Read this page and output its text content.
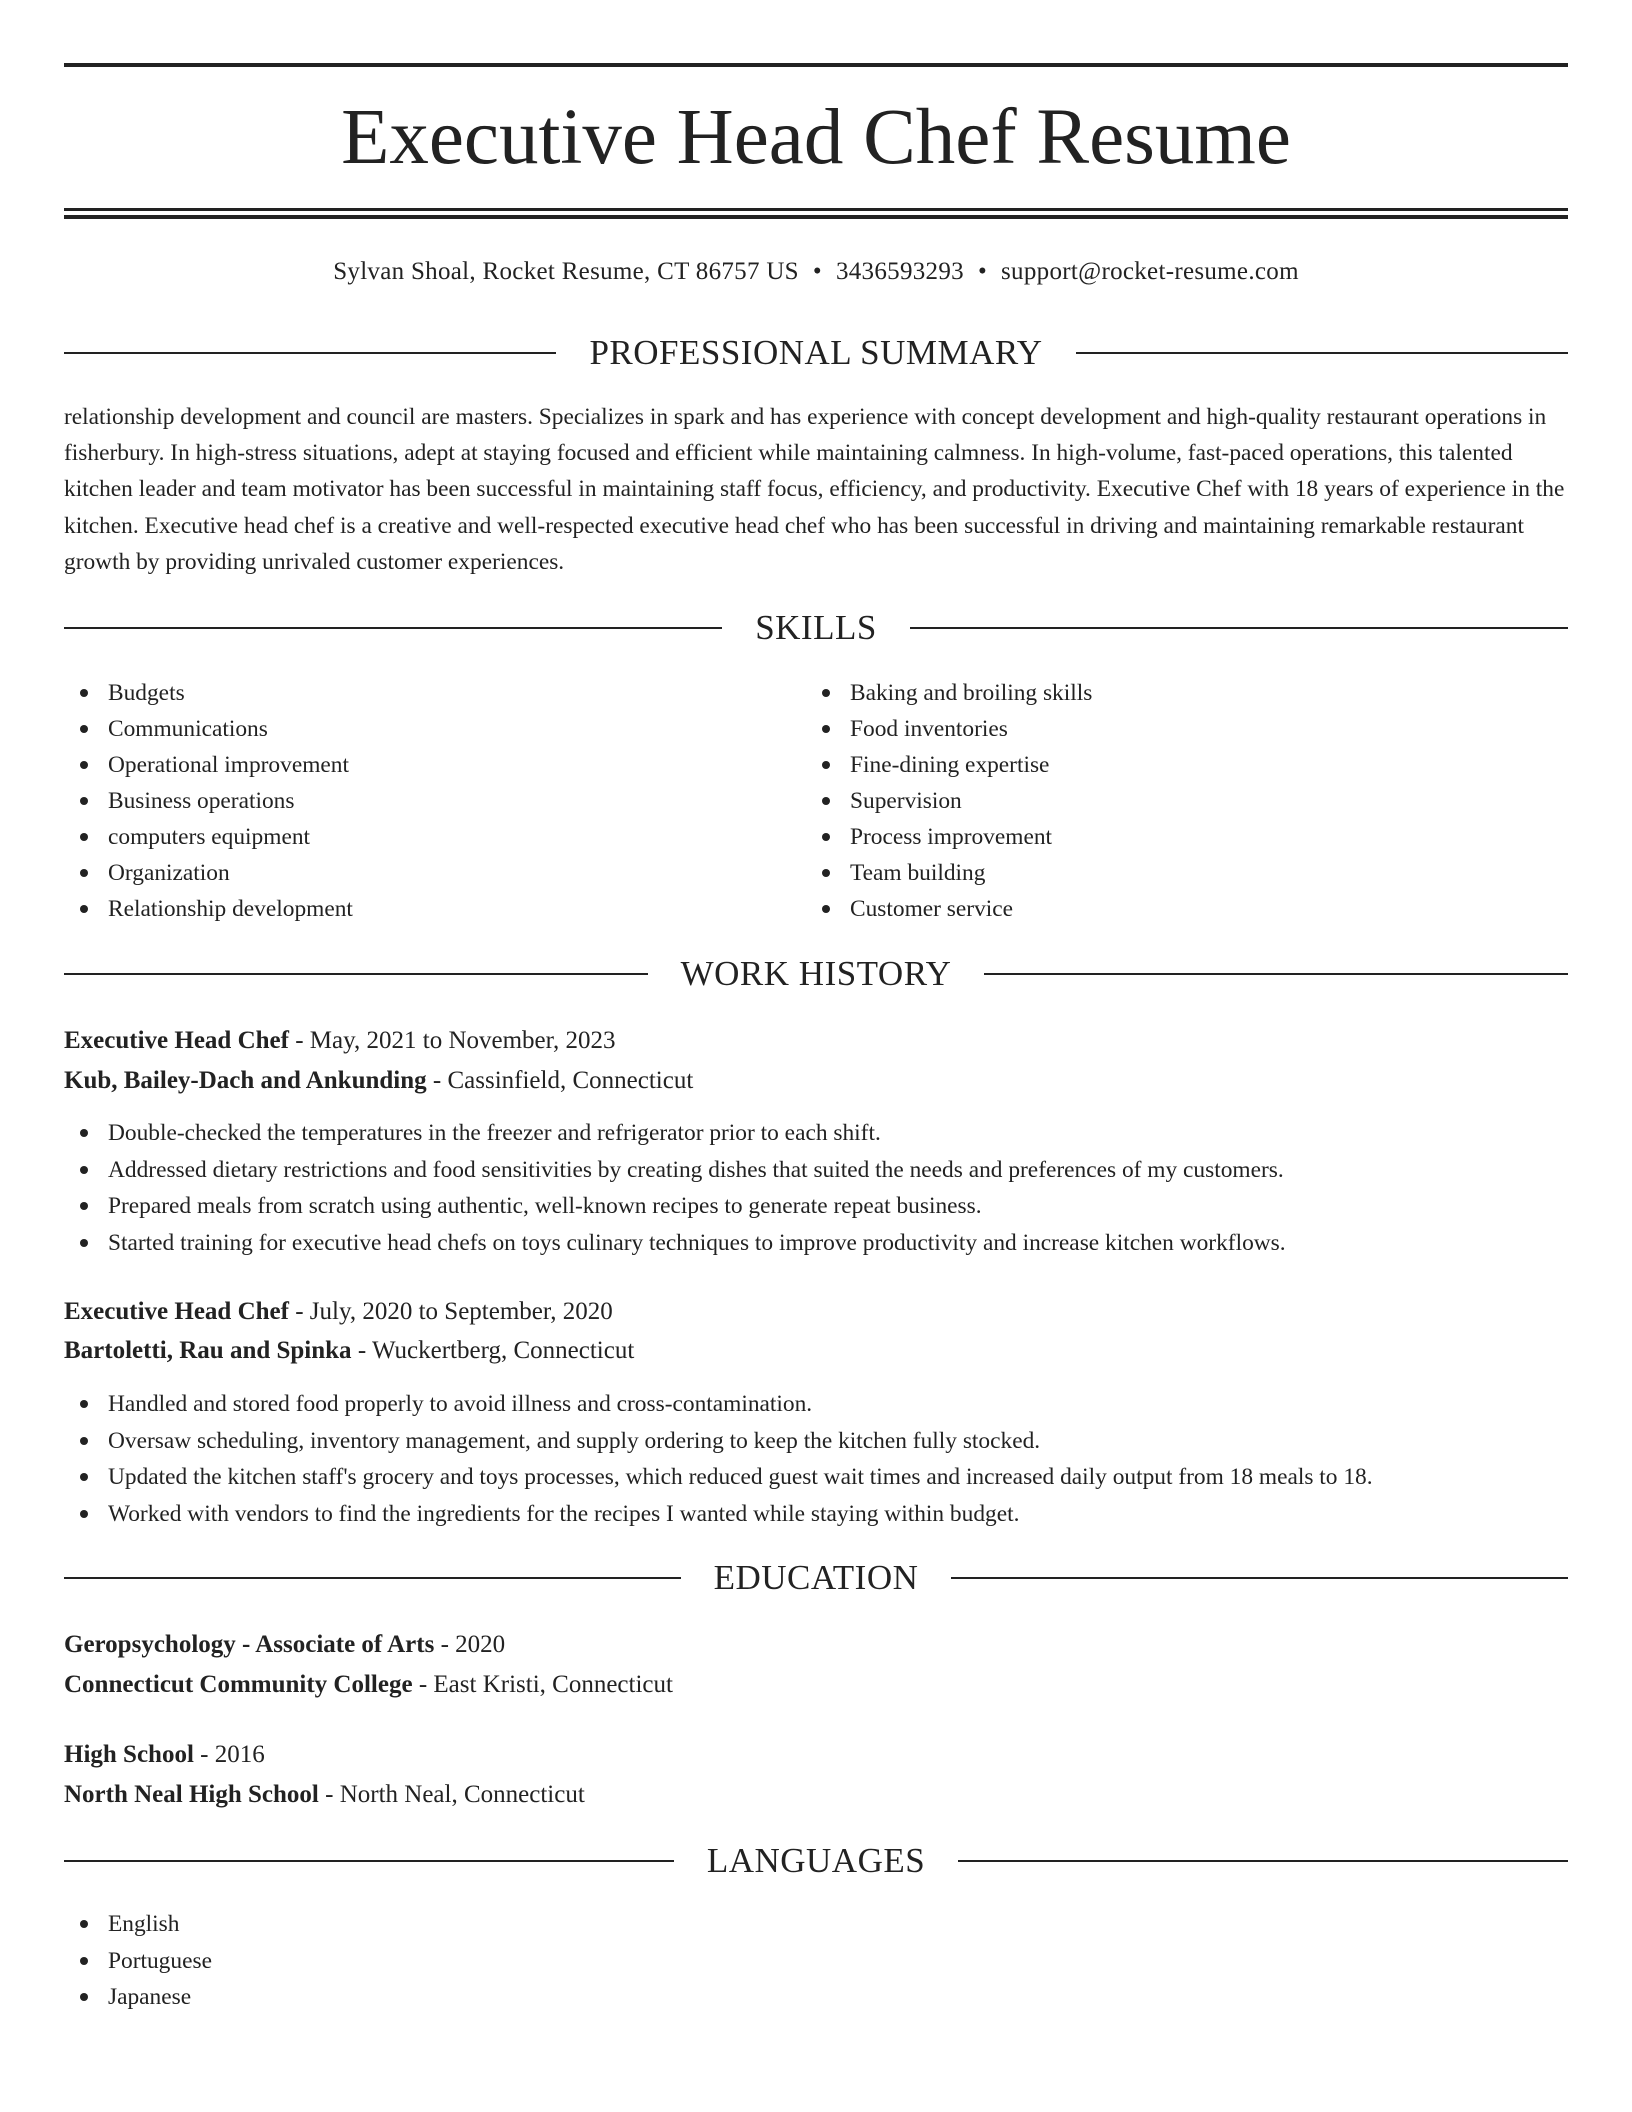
Executive Head Chef Resume
Sylvan Shoal, Rocket Resume, CT 86757 US • 3436593293 • support@rocket-resume.com
PROFESSIONAL SUMMARY

relationship development and council are masters. Specializes in spark and has experience with concept development and high-quality restaurant operations in fisherbury. In high-stress situations, adept at staying focused and efficient while maintaining calmness. In high-volume, fast-paced operations, this talented kitchen leader and team motivator has been successful in maintaining staff focus, efficiency, and productivity. Executive Chef with 18 years of experience in the kitchen. Executive head chef is a creative and well-respected executive head chef who has been successful in driving and maintaining remarkable restaurant growth by providing unrivaled customer experiences.

SKILLS
Budgets
Communications
Operational improvement
Business operations
computers equipment
Organization
Relationship development
Baking and broiling skills
Food inventories
Fine-dining expertise
Supervision
Process improvement
Team building
Customer service
WORK HISTORY
Executive Head Chef - May, 2021 to November, 2023
Kub, Bailey-Dach and Ankunding - Cassinfield, Connecticut
Double-checked the temperatures in the freezer and refrigerator prior to each shift.
Addressed dietary restrictions and food sensitivities by creating dishes that suited the needs and preferences of my customers.
Prepared meals from scratch using authentic, well-known recipes to generate repeat business.
Started training for executive head chefs on toys culinary techniques to improve productivity and increase kitchen workflows.
Executive Head Chef - July, 2020 to September, 2020
Bartoletti, Rau and Spinka - Wuckertberg, Connecticut
Handled and stored food properly to avoid illness and cross-contamination.
Oversaw scheduling, inventory management, and supply ordering to keep the kitchen fully stocked.
Updated the kitchen staff's grocery and toys processes, which reduced guest wait times and increased daily output from 18 meals to 18.
Worked with vendors to find the ingredients for the recipes I wanted while staying within budget.
EDUCATION
Geropsychology - Associate of Arts - 2020
Connecticut Community College - East Kristi, Connecticut
High School - 2016
North Neal High School - North Neal, Connecticut
LANGUAGES
English
Portuguese
Japanese
